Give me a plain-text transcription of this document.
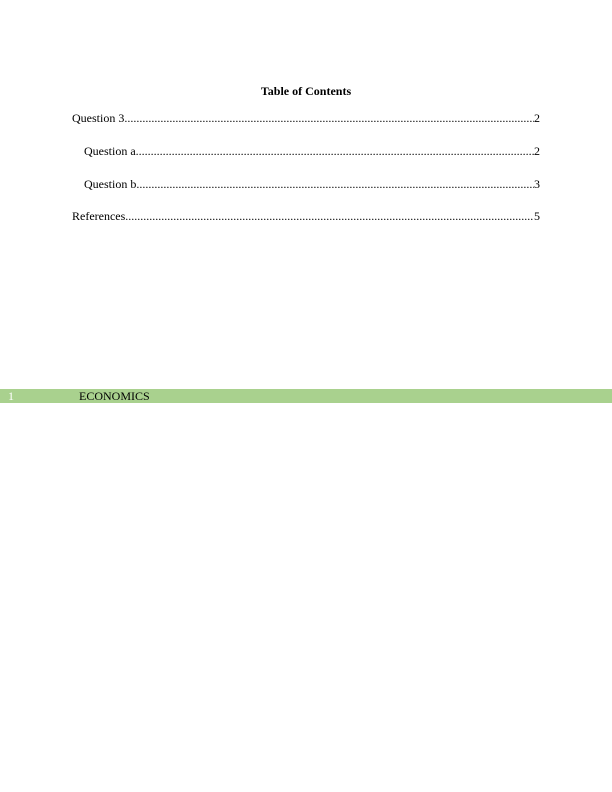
Table of Contents
Question 3 .....	2
Question a .....	2
Question b .....	3
References .....	5
1	ECONOMICS
